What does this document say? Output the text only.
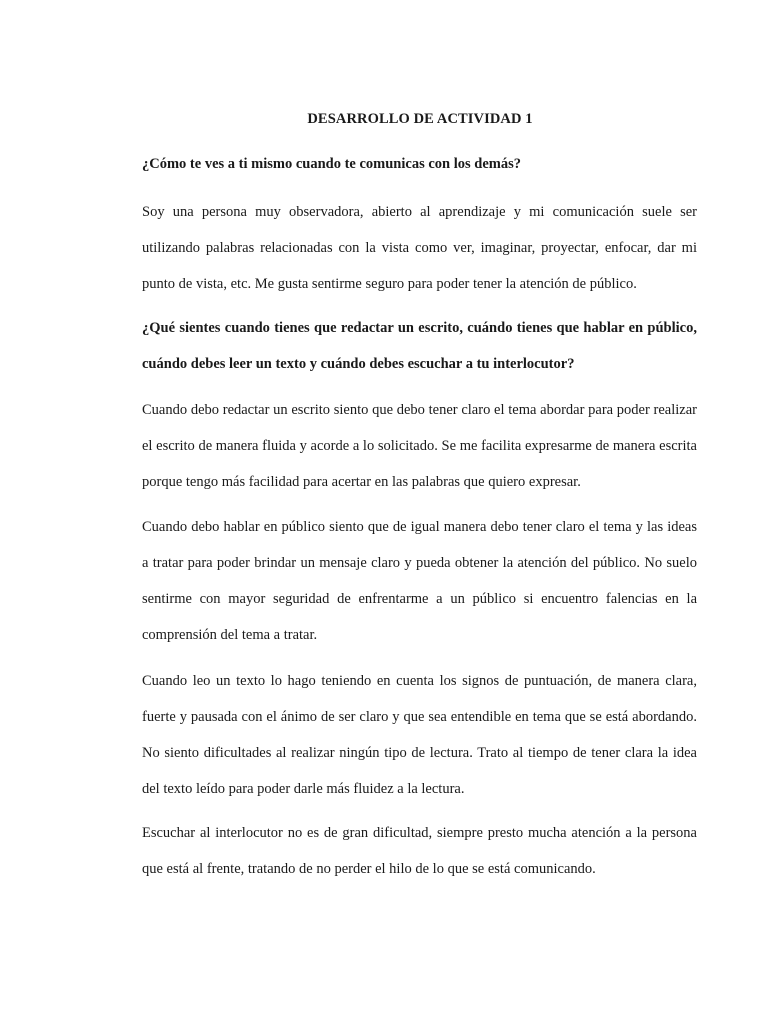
DESARROLLO DE ACTIVIDAD 1

¿Cómo te ves a ti mismo cuando te comunicas con los demás?

Soy una persona muy observadora, abierto al aprendizaje y mi comunicación suele ser utilizando palabras relacionadas con la vista como ver, imaginar, proyectar, enfocar, dar mi punto de vista, etc. Me gusta sentirme seguro para poder tener la atención de público.

¿Qué sientes cuando tienes que redactar un escrito, cuándo tienes que hablar en público, cuándo debes leer un texto y cuándo debes escuchar a tu interlocutor?

Cuando debo redactar un escrito siento que debo tener claro el tema abordar para poder realizar el escrito de manera fluida y acorde a lo solicitado. Se me facilita expresarme de manera escrita porque tengo más facilidad para acertar en las palabras que quiero expresar.

Cuando debo hablar en público siento que de igual manera debo tener claro el tema y las ideas a tratar para poder brindar un mensaje claro y pueda obtener la atención del público. No suelo sentirme con mayor seguridad de enfrentarme a un público si encuentro falencias en la comprensión del tema a tratar.

Cuando leo un texto lo hago teniendo en cuenta los signos de puntuación, de manera clara, fuerte y pausada con el ánimo de ser claro y que sea entendible en tema que se está abordando. No siento dificultades al realizar ningún tipo de lectura. Trato al tiempo de tener clara la idea del texto leído para poder darle más fluidez a la lectura.

Escuchar al interlocutor no es de gran dificultad, siempre presto mucha atención a la persona que está al frente, tratando de no perder el hilo de lo que se está comunicando.
